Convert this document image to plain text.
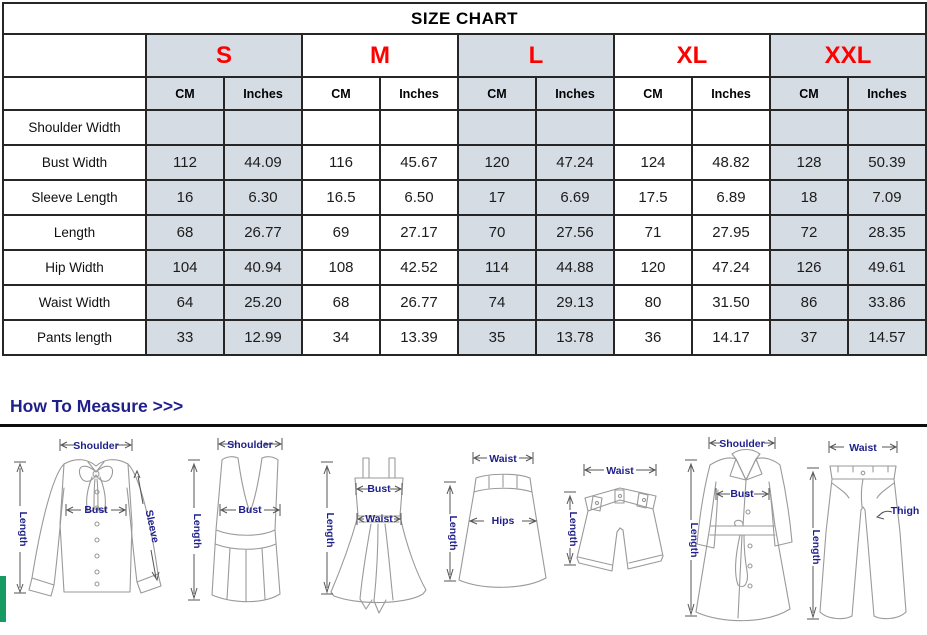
SIZE CHART										
	S		M		L		XL		XXL	
	CM	Inches	CM	Inches	CM	Inches	CM	Inches	CM	Inches
Shoulder Width										
Bust Width	112	44.09	116	45.67	120	47.24	124	48.82	128	50.39
Sleeve Length	16	6.30	16.5	6.50	17	6.69	17.5	6.89	18	7.09
Length	68	26.77	69	27.17	70	27.56	71	27.95	72	28.35
Hip Width	104	40.94	108	42.52	114	44.88	120	47.24	126	49.61
Waist Width	64	25.20	68	26.77	74	29.13	80	31.50	86	33.86
Pants length	33	12.99	34	13.39	35	13.78	36	14.17	37	14.57
How To Measure >>>
Shoulder
Bust
Length	Sleeve
Shoulder
Bust
Length
Bust
Waist
Length
Waist
Hips
Length
Waist
Length
Shoulder
Bust
Length
Waist
Thigh
Length
